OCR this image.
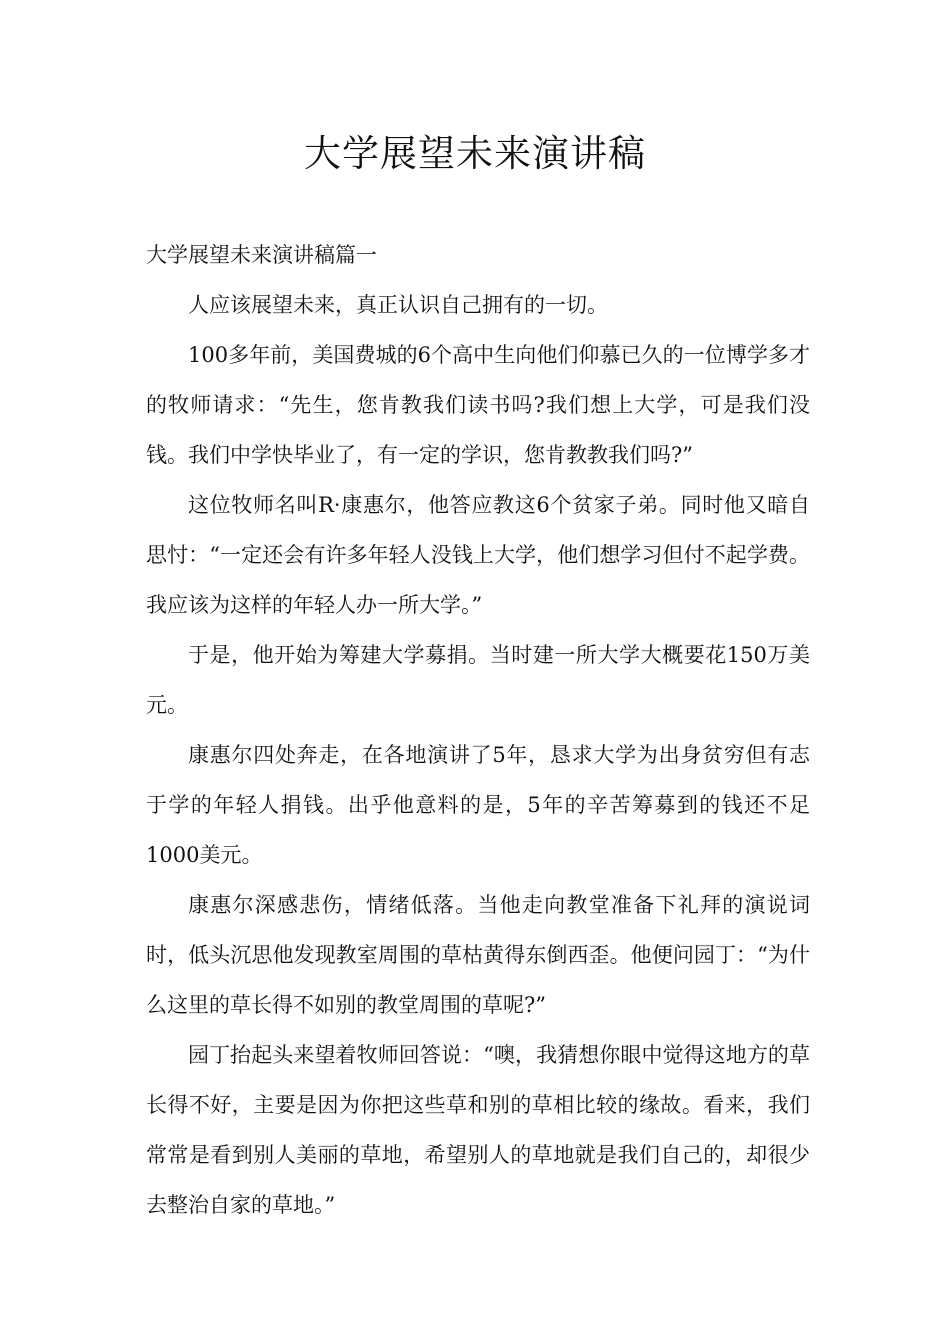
大学展望未来演讲稿

大学展望未来演讲稿篇一

人应该展望未来，真正认识自己拥有的一切。

100多年前，美国费城的6个高中生向他们仰慕已久的一位博学多才的牧师请求：“先生，您肯教我们读书吗?我们想上大学，可是我们没钱。我们中学快毕业了，有一定的学识，您肯教教我们吗?”

这位牧师名叫R·康惠尔，他答应教这6个贫家子弟。同时他又暗自思忖：“一定还会有许多年轻人没钱上大学，他们想学习但付不起学费。我应该为这样的年轻人办一所大学。”

于是，他开始为筹建大学募捐。当时建一所大学大概要花150万美元。

康惠尔四处奔走，在各地演讲了5年，恳求大学为出身贫穷但有志于学的年轻人捐钱。出乎他意料的是，5年的辛苦筹募到的钱还不足1000美元。

康惠尔深感悲伤，情绪低落。当他走向教堂准备下礼拜的演说词时，低头沉思他发现教室周围的草枯黄得东倒西歪。他便问园丁：“为什么这里的草长得不如别的教堂周围的草呢?”

园丁抬起头来望着牧师回答说：“噢，我猜想你眼中觉得这地方的草长得不好，主要是因为你把这些草和别的草相比较的缘故。看来，我们常常是看到别人美丽的草地，希望别人的草地就是我们自己的，却很少去整治自家的草地。”
